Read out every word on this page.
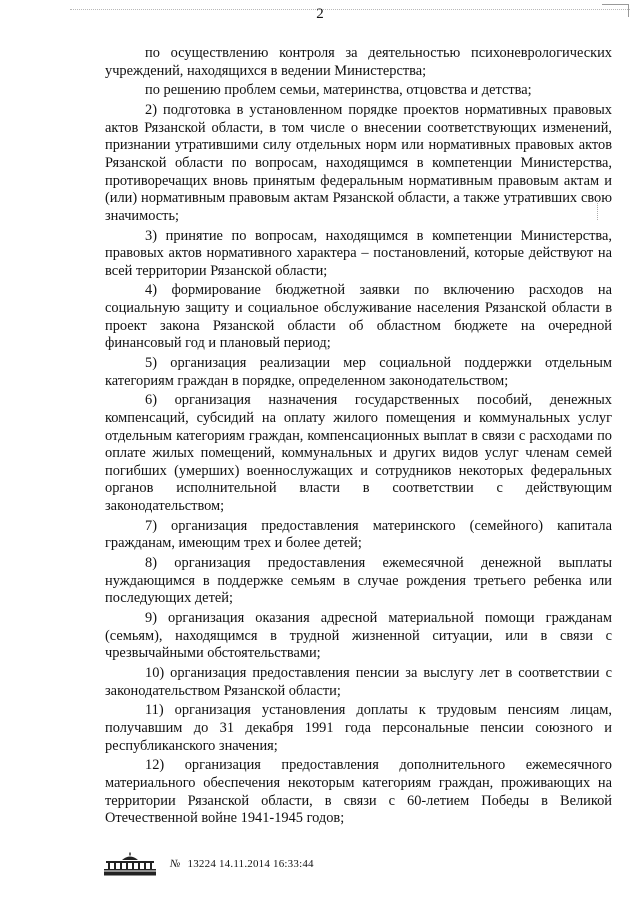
2

по осуществлению контроля за деятельностью психоневрологических учреждений, находящихся в ведении Министерства;

по решению проблем семьи, материнства, отцовства и детства;

2) подготовка в установленном порядке проектов нормативных правовых актов Рязанской области, в том числе о внесении соответствующих изменений, признании утратившими силу отдельных норм или нормативных правовых актов Рязанской области по вопросам, находящимся в компетенции Министерства, противоречащих вновь принятым федеральным нормативным правовым актам и (или) нормативным правовым актам Рязанской области, а также утративших свою значимость;

3) принятие по вопросам, находящимся в компетенции Министерства, правовых актов нормативного характера – постановлений, которые действуют на всей территории Рязанской области;

4) формирование бюджетной заявки по включению расходов на социальную защиту и социальное обслуживание населения Рязанской области в проект закона Рязанской области об областном бюджете на очередной финансовый год и плановый период;

5) организация реализации мер социальной поддержки отдельным категориям граждан в порядке, определенном законодательством;

6) организация назначения государственных пособий, денежных компенсаций, субсидий на оплату жилого помещения и коммунальных услуг отдельным категориям граждан, компенсационных выплат в связи с расходами по оплате жилых помещений, коммунальных и других видов услуг членам семей погибших (умерших) военнослужащих и сотрудников некоторых федеральных органов исполнительной власти в соответствии с действующим законодательством;

7) организация предоставления материнского (семейного) капитала гражданам, имеющим трех и более детей;

8) организация предоставления ежемесячной денежной выплаты нуждающимся в поддержке семьям в случае рождения третьего ребенка или последующих детей;

9) организация оказания адресной материальной помощи гражданам (семьям), находящимся в трудной жизненной ситуации, или в связи с чрезвычайными обстоятельствами;

10) организация предоставления пенсии за выслугу лет в соответствии с законодательством Рязанской области;

11) организация установления доплаты к трудовым пенсиям лицам, получавшим до 31 декабря 1991 года персональные пенсии союзного и республиканского значения;

12) организация предоставления дополнительного ежемесячного материального обеспечения некоторым категориям граждан, проживающих на территории Рязанской области, в связи с 60-летием Победы в Великой Отечественной войне 1941-1945 годов;

№ 13224 14.11.2014 16:33:44
